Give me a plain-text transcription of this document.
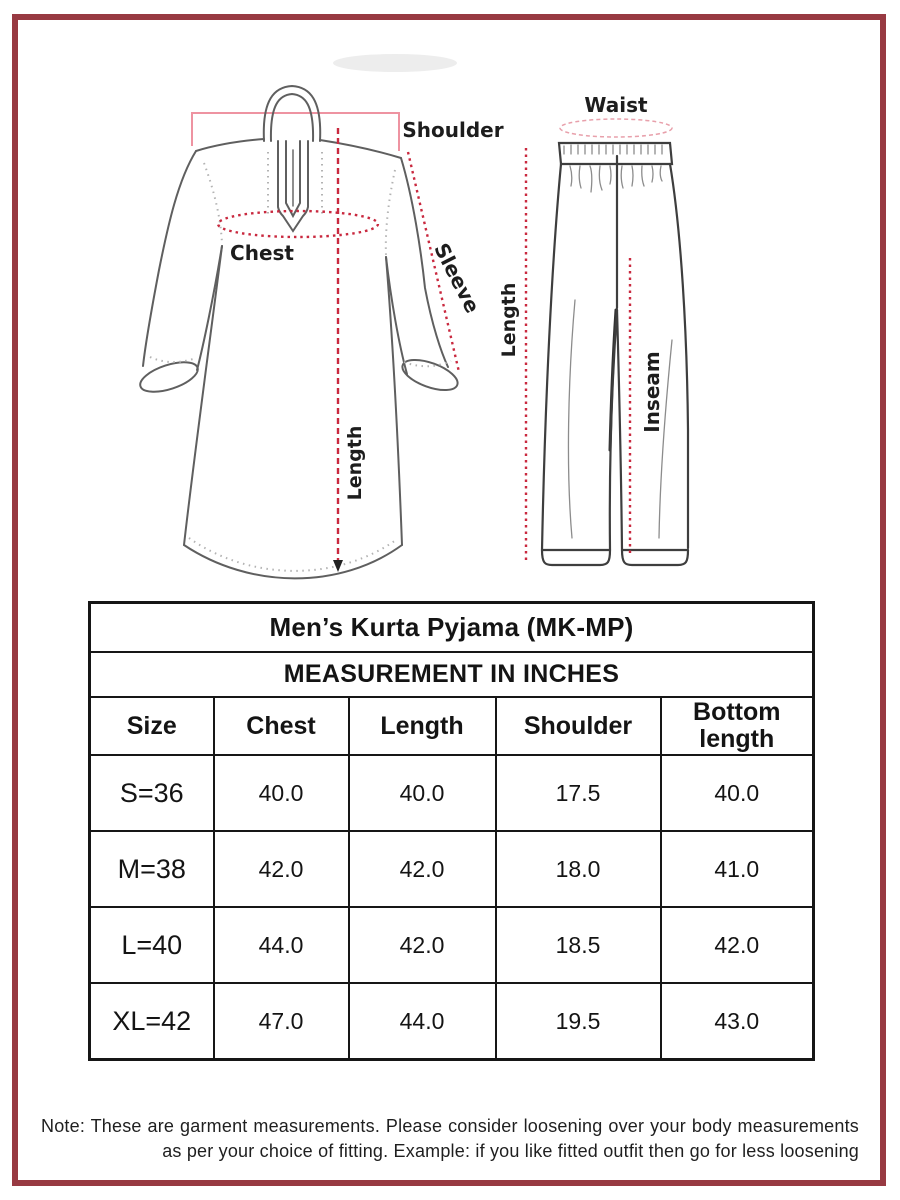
Shoulder
Chest	Sleeve
Length
Waist
Length
Inseam
Men’s Kurta Pyjama (MK-MP)				
MEASUREMENT IN INCHES				
Size	Chest	Length	Shoulder	Bottom length
S=36	40.0	40.0	17.5	40.0
M=38	42.0	42.0	18.0	41.0
L=40	44.0	42.0	18.5	42.0
XL=42	47.0	44.0	19.5	43.0
Note: These are garment measurements. Please consider loosening over your body measurements
as per your choice of fitting. Example: if you like fitted outfit then go for less loosening
